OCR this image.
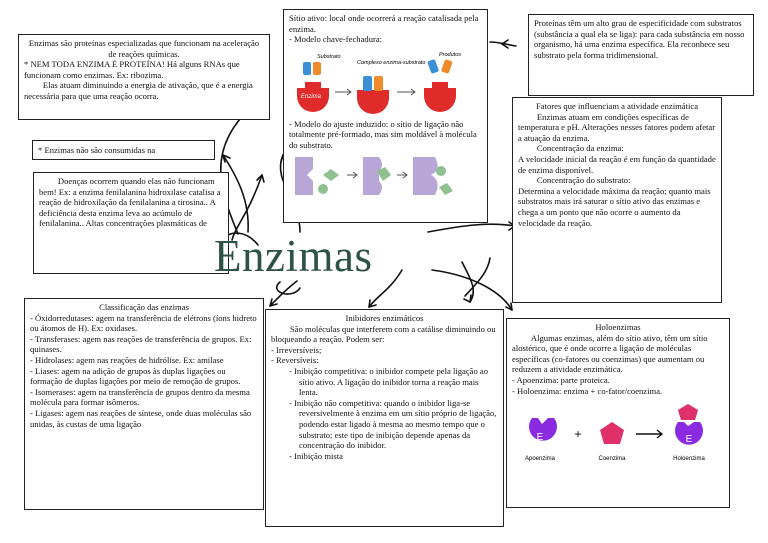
Enzimas são proteínas especializadas que funcionam na aceleração de reações químicas.

* NEM TODA ENZIMA É PROTEÍNA! Há alguns RNAs que funcionam como enzimas. Ex: ribozima.

Elas atuam diminuindo a energia de ativação, que é a energia necessária para que uma reação ocorra.

* Enzimas não são consumidas na

Doenças ocorrem quando elas não funcionam bem! Ex: a enzima fenilalanina hidroxilase catalisa a reação de hidroxilação da fenilalanina a tirosina.. A deficiência desta enzima leva ao acúmulo de fenilalanina.. Altas concentrações plasmáticas de

Sítio ativo: local onde ocorrerá a reação catalisada pela enzima.

- Modelo chave-fechadura:

Enzima
Substrato
Complexo enzima-substrato
Produtos

- Modelo do ajuste induzido: o sítio de ligação não totalmente pré-formado, mas sim moldável à molécula do substrato.

Proteínas têm um alto grau de especificidade com substratos (substância a qual ela se liga): para cada substância em nosso organismo, há uma enzima específica. Ela reconhece seu substrato pela forma tridimensional.

Fatores que influenciam a atividade enzimática

Enzimas atuam em condições específicas de temperatura e pH. Alterações nesses fatores podem afetar a atuação da enzima.

Concentração da enzima:

A velocidade inicial da reação é em função da quantidade de enzima disponível.

Concentração do substrato:

Determina a velocidade máxima da reação; quanto mais substratos mais irá saturar o sítio ativo das enzimas e chega a um ponto que não ocorre o aumento da velocidade da reação.

Enzimas

Classificação das enzimas

- Óxidorredutases: agem na transferência de elétrons (íons hidreto ou átomos de H). Ex: oxidases.

- Transferases: agem nas reações de transferência de grupos. Ex: quinases.

- Hidrolases: agem nas reações de hidrólise. Ex: amilase

- Liases: agem na adição de grupos às duplas ligações ou formação de duplas ligações por meio de remoção de grupos.

- Isomerases: agem na transferência de grupos dentro da mesma molécula para formar isômeros.

- Ligases: agem nas reações de síntese, onde duas moléculas são unidas, às custas de uma ligação

Inibidores enzimáticos

São moléculas que interferem com a catálise diminuindo ou bloqueando a reação. Podem ser:

- Irreversíveis;

- Reversíveis:

- Inibição competitiva: o inibidor compete pela ligação ao sítio ativo. A ligação do inibidor torna a reação mais lenta.

- Inibição não competitiva: quando o inibidor liga-se reversivelmente à enzima em um sítio próprio de ligação, podendo estar ligado à mesma ao mesmo tempo que o substrato; este tipo de inibição depende apenas da concentração do inibidor.

- Inibição mista

Holoenzimas

Algumas enzimas, além do sítio ativo, têm um sítio alostérico, que é onde ocorre a ligação de moléculas específicas (co-fatores ou coenzimas) que aumentam ou reduzem a atividade enzimática.

- Apoenzima: parte proteica.

- Holoenzima: enzima + co-fator/coenzima.

E
Apoenzima
+
Coenzima
E
Holoenzima
